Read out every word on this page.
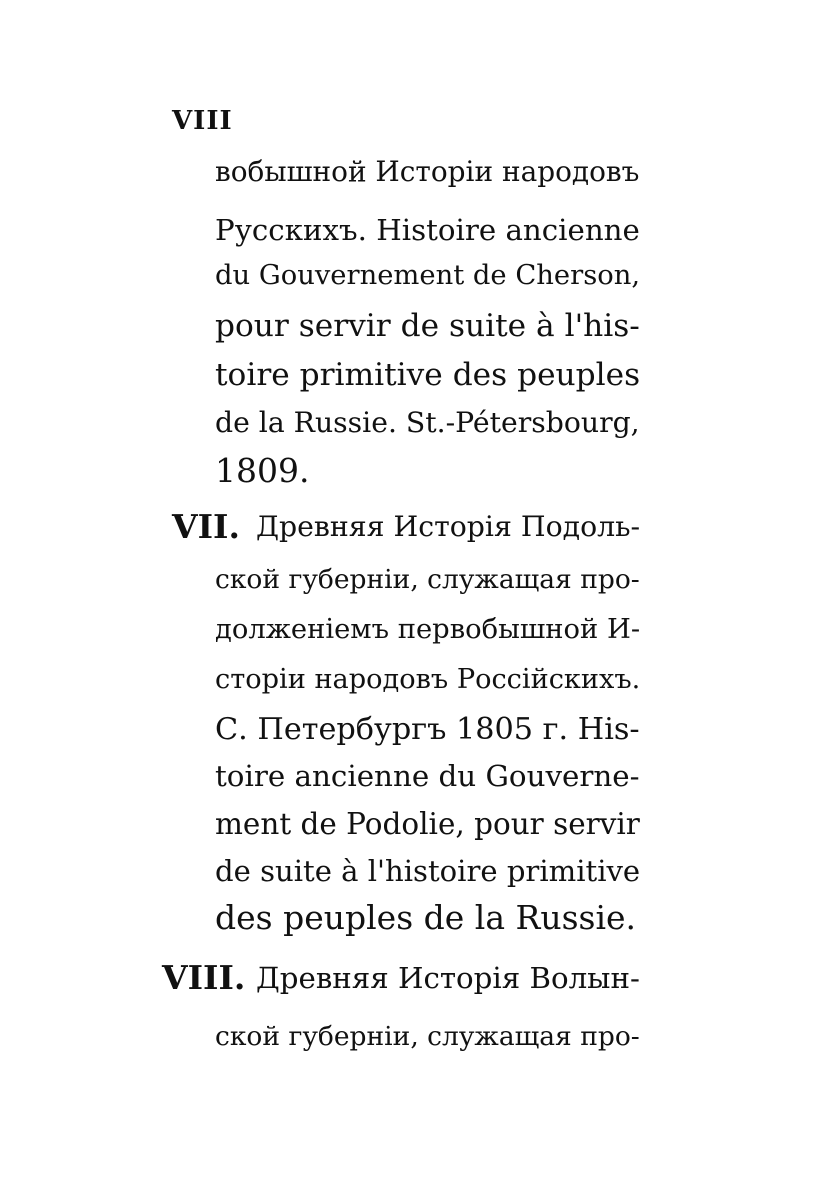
VIII
вобышной Исторіи народовъ
Русскихъ. Histoire ancienne
du Gouvernement de Cherson,
pour servir de suite à l'his-
toire primitive des peuples
de la Russie. St.-Pétersbourg,
1809.
VII. Древняя Исторія Подоль-
ской губерніи, служащая про-
долженіемъ первобышной И-
сторіи народовъ Россійскихъ.
С. Петербургъ 1805 г. His-
toire ancienne du Gouverne-
ment de Podolie, pour servir
de suite à l'histoire primitive
des peuples de la Russie.
VIII. Древняя Исторія Волын-
ской губерніи, служащая про-
